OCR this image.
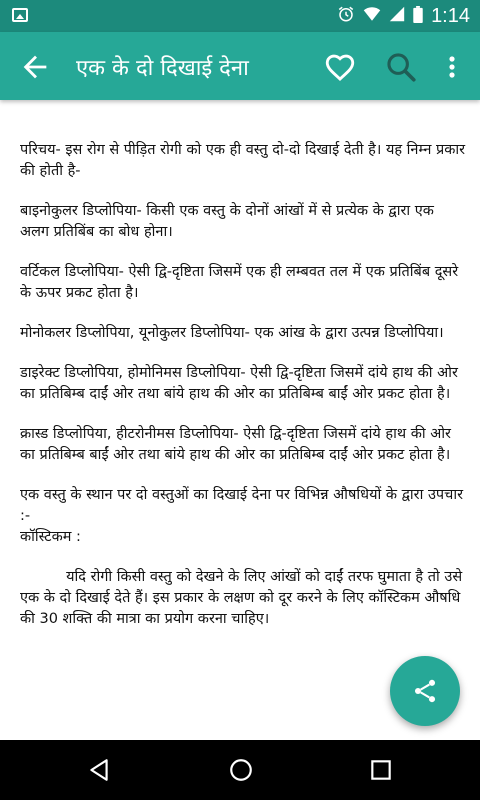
1:14
एक के दो दिखाई देना

परिचय- इस रोग से पीड़ित रोगी को एक ही वस्तु दो-दो दिखाई देती है। यह निम्न प्रकार की होती है-

बाइनोकुलर डिप्लोपिया- किसी एक वस्तु के दोनों आंखों में से प्रत्येक के द्वारा एक अलग प्रतिबिंब का बोध होना।

वर्टिकल डिप्लोपिया- ऐसी द्वि-दृष्टिता जिसमें एक ही लम्बवत तल में एक प्रतिबिंब दूसरे के ऊपर प्रकट होता है।

मोनोकलर डिप्लोपिया, यूनोकुलर डिप्लोपिया- एक आंख के द्वारा उत्पन्न डिप्लोपिया।

डाइरेक्ट डिप्लोपिया, होमोनिमस डिप्लोपिया- ऐसी द्वि-दृष्टिता जिसमें दांये हाथ की ओर का प्रतिबिम्ब दाईं ओर तथा बांये हाथ की ओर का प्रतिबिम्ब बाईं ओर प्रकट होता है।

क्रास्ड डिप्लोपिया, हीटरोनीमस डिप्लोपिया- ऐसी द्वि-दृष्टिता जिसमें दांये हाथ की ओर का प्रतिबिम्ब बाईं ओर तथा बांये हाथ की ओर का प्रतिबिम्ब दाईं ओर प्रकट होता है।

एक वस्तु के स्थान पर दो वस्तुओं का दिखाई देना पर विभिन्न औषधियों के द्वारा उपचार :-

कॉस्टिकम :

यदि रोगी किसी वस्तु को देखने के लिए आंखों को दाईं तरफ घुमाता है तो उसे एक के दो दिखाई देते हैं। इस प्रकार के लक्षण को दूर करने के लिए कॉस्टिकम औषधि की 30 शक्ति की मात्रा का प्रयोग करना चाहिए।
